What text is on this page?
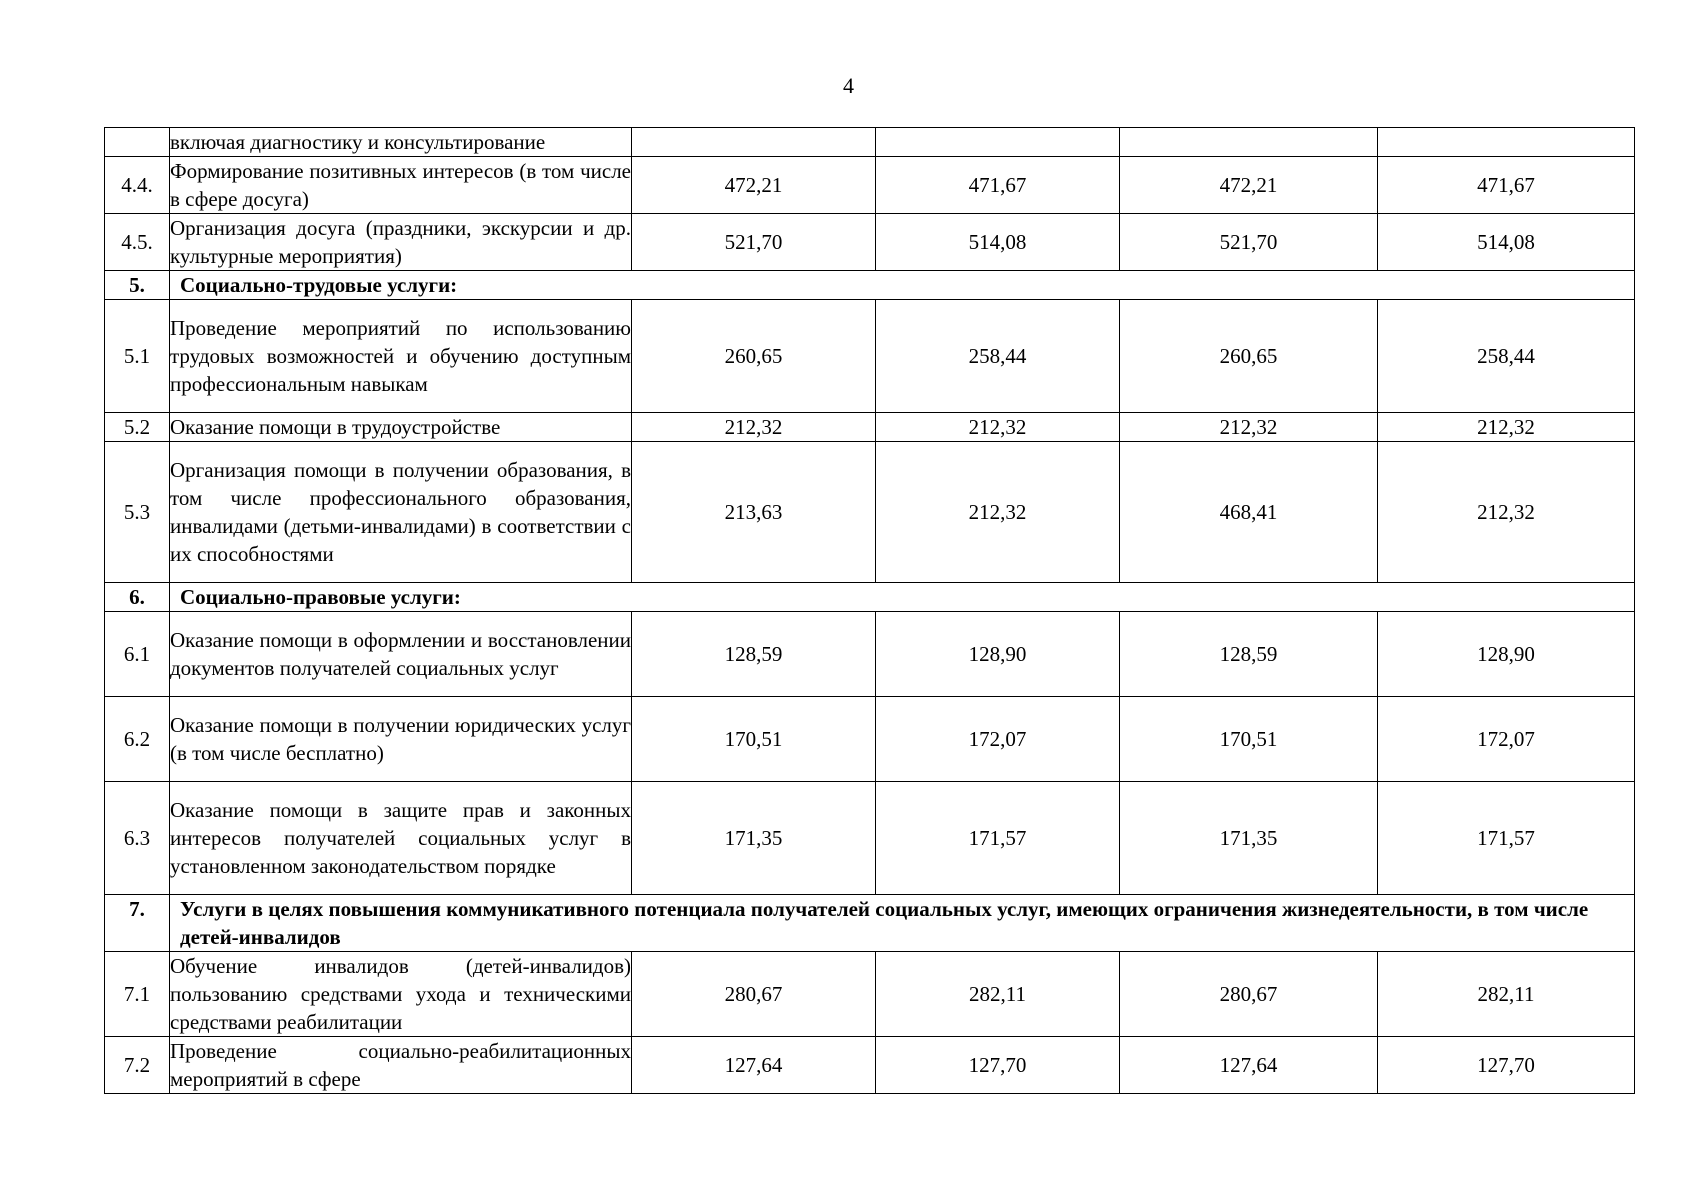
4
	включая диагностику и консультирование				
4.4.	Формирование позитивных интересов (в том числе в сфере досуга)	472,21	471,67	472,21	471,67
4.5.	Организация досуга (праздники, экскурсии и др. культурные мероприятия)	521,70	514,08	521,70	514,08
5.	Социально-трудовые услуги:				
5.1	Проведение мероприятий по использованию трудовых возможностей и обучению доступным профессиональным навыкам	260,65	258,44	260,65	258,44
5.2	Оказание помощи в трудоустройстве	212,32	212,32	212,32	212,32
5.3	Организация помощи в получении образования, в том числе профессионального образования, инвалидами (детьми-инвалидами) в соответствии с их способностями	213,63	212,32	468,41	212,32
6.	Социально-правовые услуги:				
6.1	Оказание помощи в оформлении и восстановлении документов получателей социальных услуг	128,59	128,90	128,59	128,90
6.2	Оказание помощи в получении юридических услуг (в том числе бесплатно)	170,51	172,07	170,51	172,07
6.3	Оказание помощи в защите прав и законных интересов получателей социальных услуг в установленном законодательством порядке	171,35	171,57	171,35	171,57
7.	Услуги в целях повышения коммуникативного потенциала получателей социальных услуг, имеющих ограничения жизнедеятельности, в том числе детей-инвалидов				
7.1	Обучение инвалидов (детей-инвалидов) пользованию средствами ухода и техническими средствами реабилитации	280,67	282,11	280,67	282,11
7.2	Проведение социально-реабилитационных мероприятий в сфере	127,64	127,70	127,64	127,70
